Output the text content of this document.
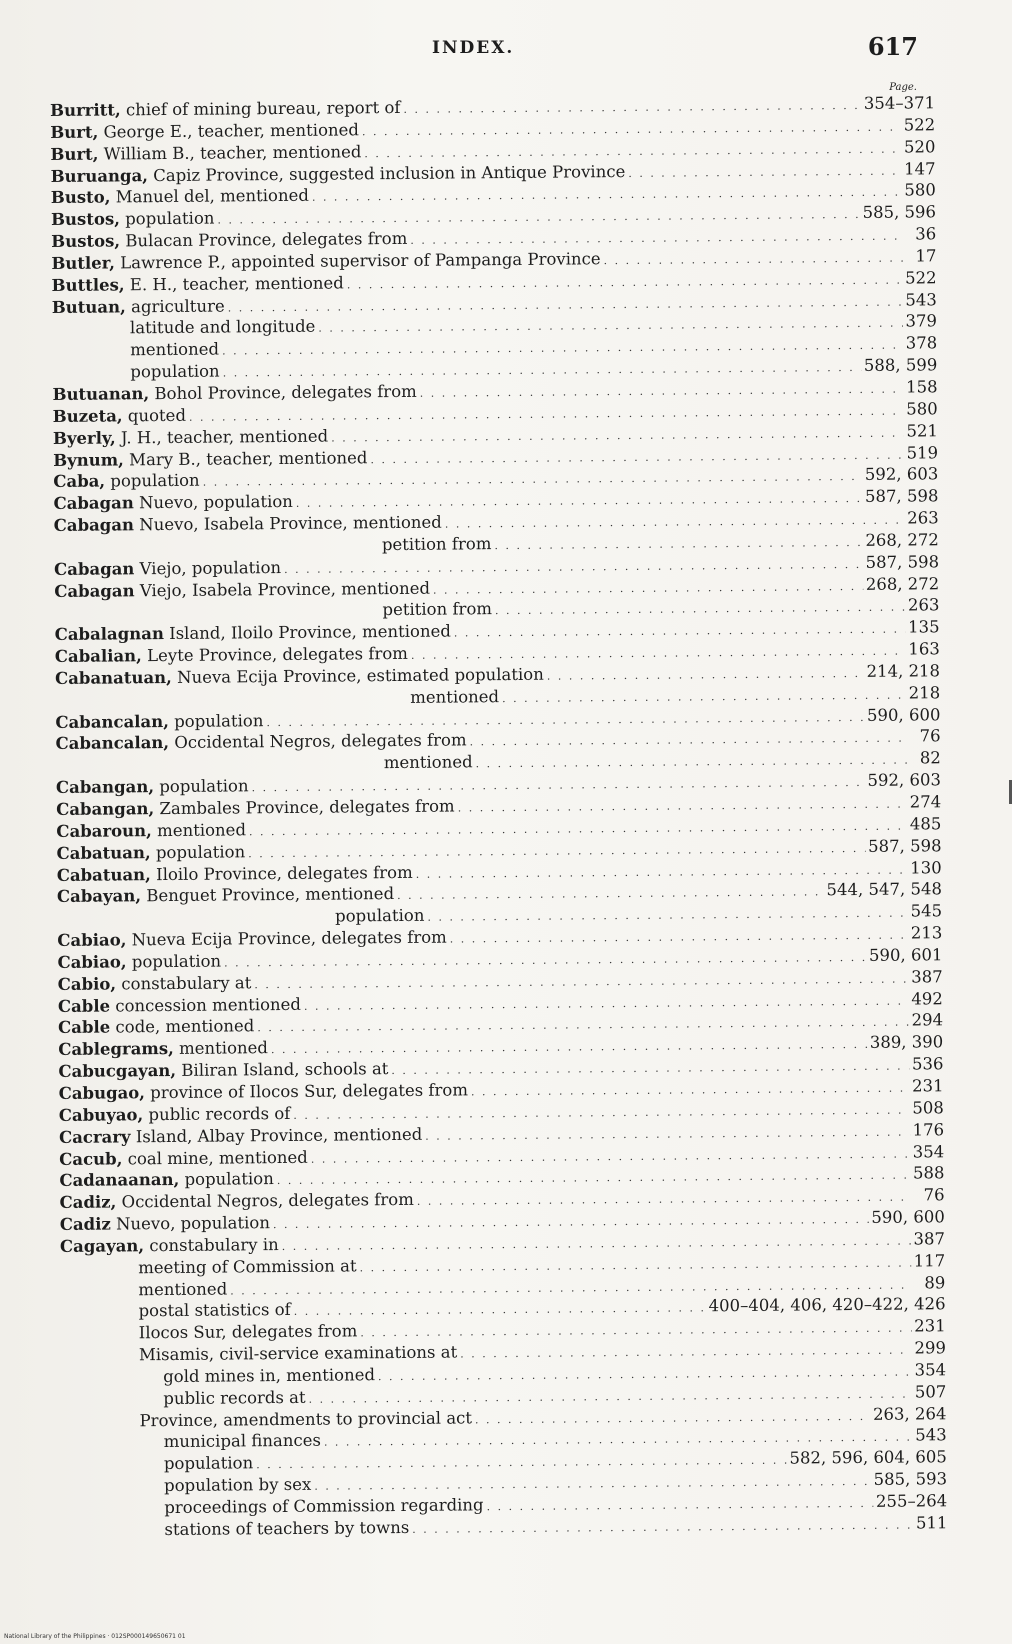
INDEX.	617
Page.
Burritt, chief of mining bureau, report of . . .	354–371
Burt, George E., teacher, mentioned . . .	522
Burt, William B., teacher, mentioned . . .	520
Buruanga, Capiz Province, suggested inclusion in Antique Province . . .	147
Busto, Manuel del, mentioned . . .	580
Bustos, population . . .	585, 596
Bustos, Bulacan Province, delegates from . . .	36
Butler, Lawrence P., appointed supervisor of Pampanga Province . . .	17
Buttles, E. H., teacher, mentioned . . .	522
Butuan, agriculture . . .	543
latitude and longitude . . .	379
mentioned . . .	378
population . . .	588, 599
Butuanan, Bohol Province, delegates from . . .	158
Buzeta, quoted . . .	580
Byerly, J. H., teacher, mentioned . . .	521
Bynum, Mary B., teacher, mentioned . . .	519
Caba, population . . .	592, 603
Cabagan Nuevo, population . . .	587, 598
Cabagan Nuevo, Isabela Province, mentioned . . .	263
petition from . . .	268, 272
Cabagan Viejo, population . . .	587, 598
Cabagan Viejo, Isabela Province, mentioned . . .	268, 272
petition from . . .	263
Cabalagnan Island, Iloilo Province, mentioned . . .	135
Cabalian, Leyte Province, delegates from . . .	163
Cabanatuan, Nueva Ecija Province, estimated population . . .	214, 218
mentioned . . .	218
Cabancalan, population . . .	590, 600
Cabancalan, Occidental Negros, delegates from . . .	76
mentioned . . .	82
Cabangan, population . . .	592, 603
Cabangan, Zambales Province, delegates from . . .	274
Cabaroun, mentioned . . .	485
Cabatuan, population . . .	587, 598
Cabatuan, Iloilo Province, delegates from . . .	130
Cabayan, Benguet Province, mentioned . . .	544, 547, 548
population . . .	545
Cabiao, Nueva Ecija Province, delegates from . . .	213
Cabiao, population . . .	590, 601
Cabio, constabulary at . . .	387
Cable concession mentioned . . .	492
Cable code, mentioned . . .	294
Cablegrams, mentioned . . .	389, 390
Cabucgayan, Biliran Island, schools at . . .	536
Cabugao, province of Ilocos Sur, delegates from . . .	231
Cabuyao, public records of . . .	508
Cacrary Island, Albay Province, mentioned . . .	176
Cacub, coal mine, mentioned . . .	354
Cadanaanan, population . . .	588
Cadiz, Occidental Negros, delegates from . . .	76
Cadiz Nuevo, population . . .	590, 600
Cagayan, constabulary in . . .	387
meeting of Commission at . . .	117
mentioned . . .	89
postal statistics of . . .	400–404, 406, 420–422, 426
Ilocos Sur, delegates from . . .	231
Misamis, civil-service examinations at . . .	299
gold mines in, mentioned . . .	354
public records at . . .	507
Province, amendments to provincial act . . .	263, 264
municipal finances . . .	543
population . . .	582, 596, 604, 605
population by sex . . .	585, 593
proceedings of Commission regarding . . .	255–264
stations of teachers by towns . . .	511
National Library of the Philippines · 012SP000149650671 01
